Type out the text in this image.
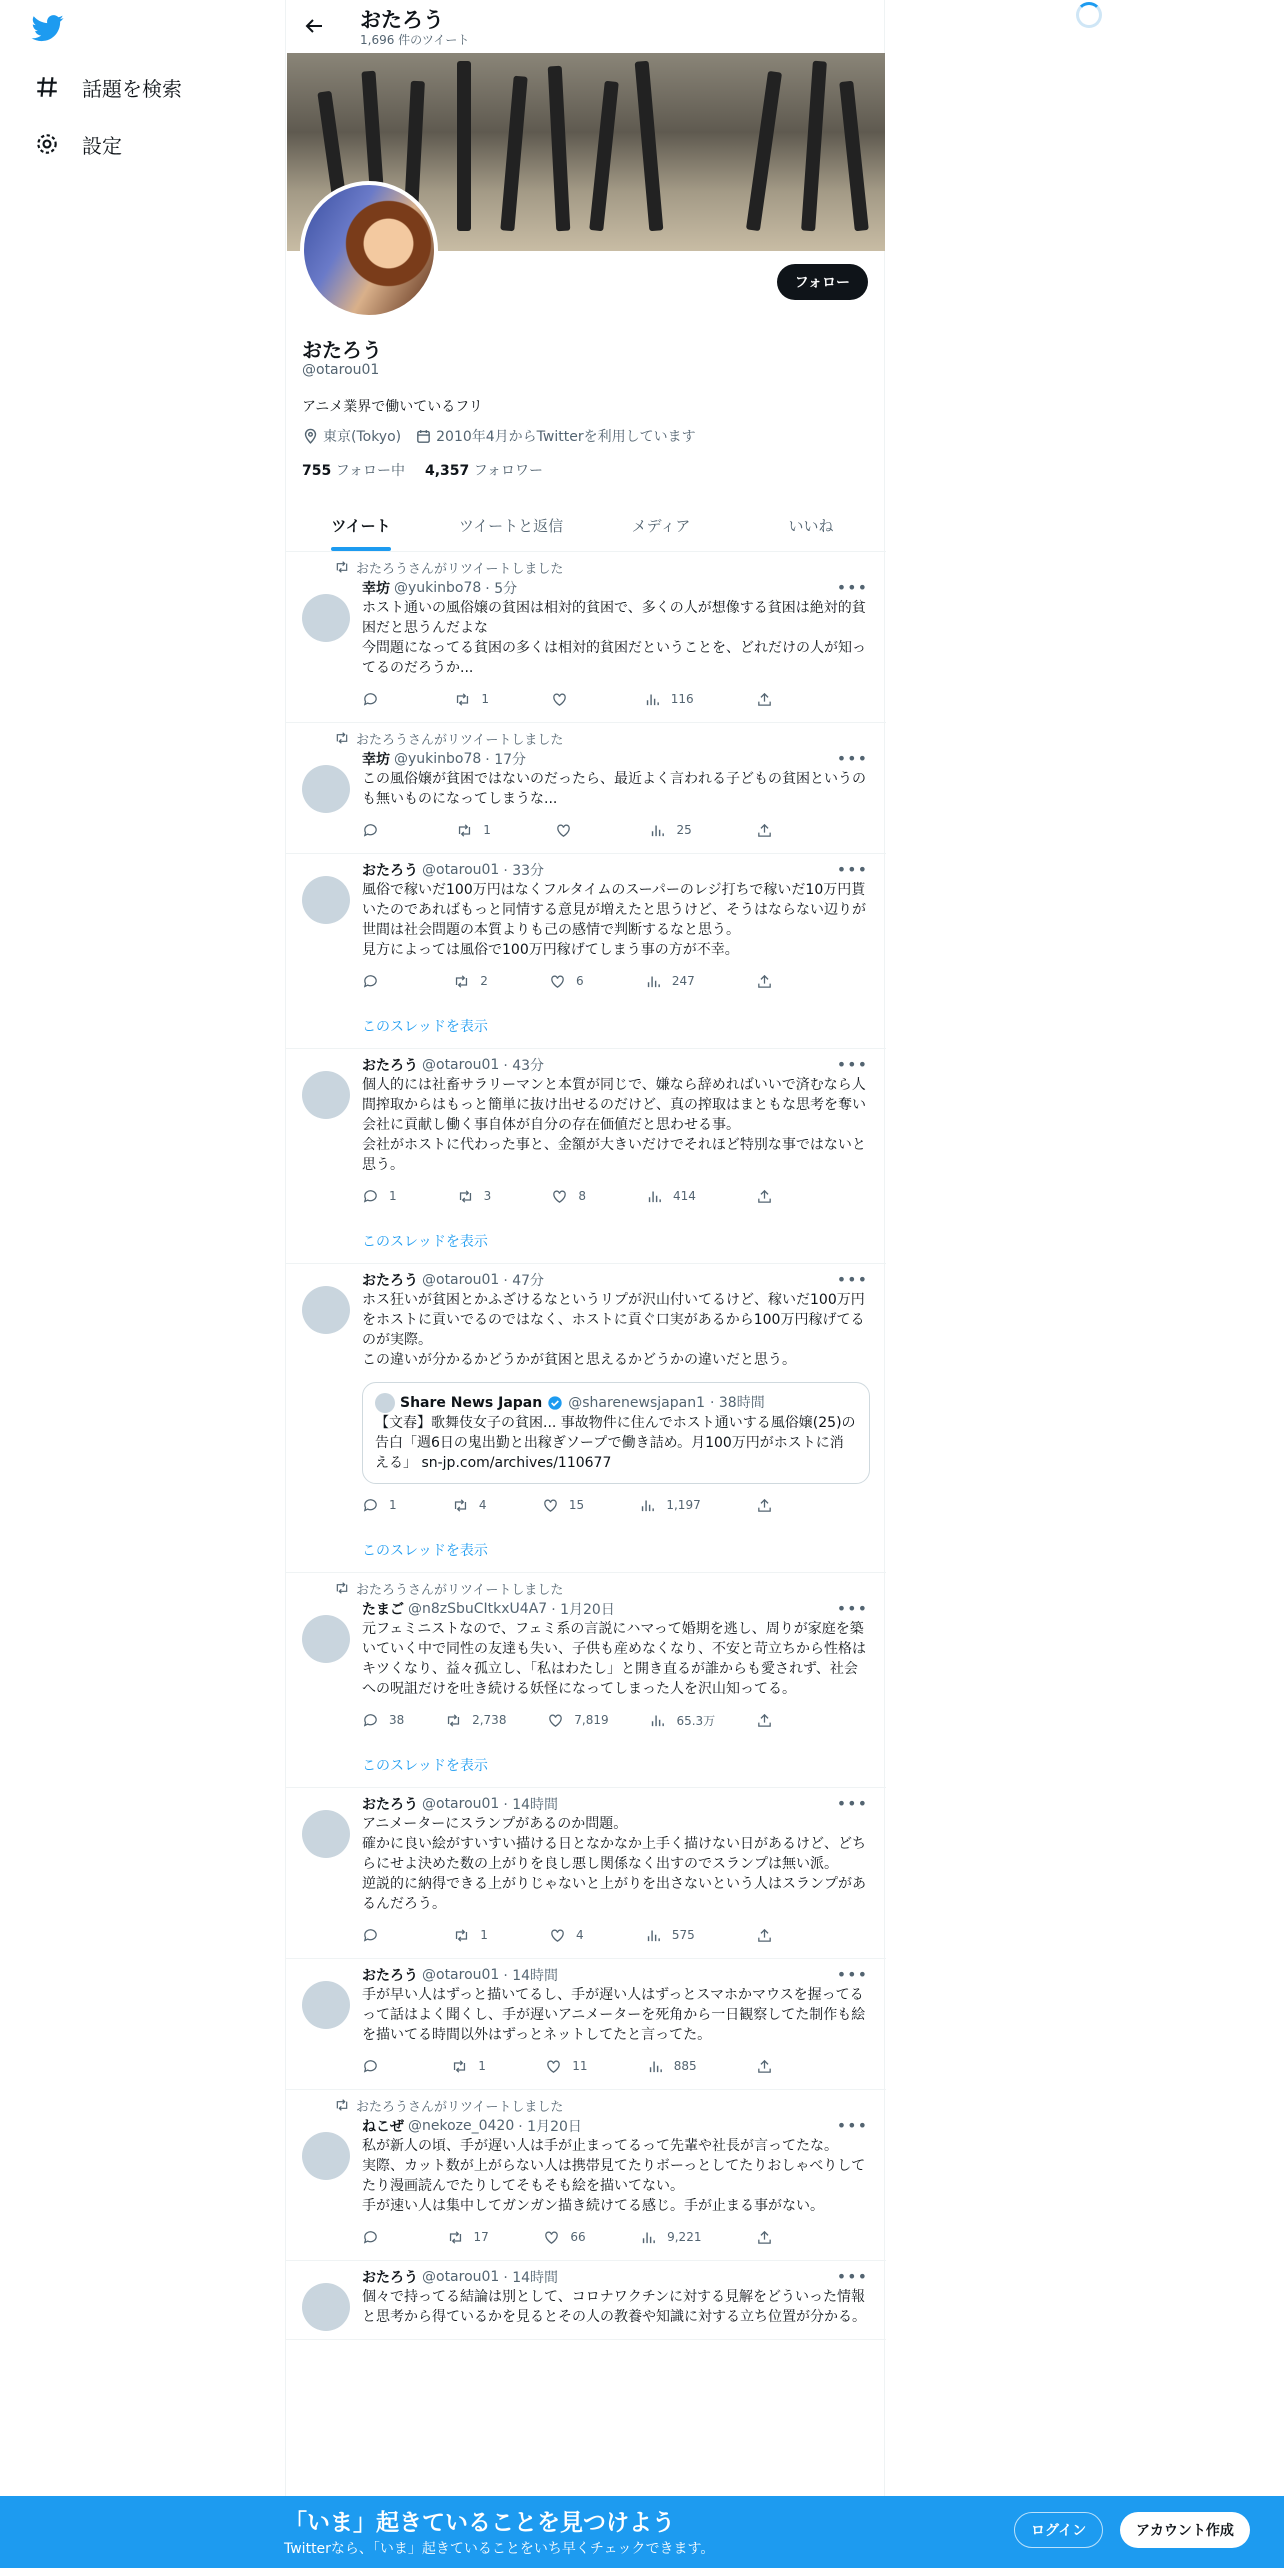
話題を検索
設定
おたろう
1,696 件のツイート
フォロー
おたろう
@otarou01
アニメ業界で働いているフリ
東京(Tokyo)	2010年4月からTwitterを利用しています
755 フォロー中 4,357 フォロワー
ツイート	ツイートと返信	メディア	いいね
おたろうさんがリツイートしました
•••
幸坊 @yukinbo78 · 5分
ホスト通いの風俗嬢の貧困は相対的貧困で、多くの人が想像する貧困は絶対的貧困だと思うんだよな
今問題になってる貧困の多くは相対的貧困だということを、どれだけの人が知ってるのだろうか...
1	116
おたろうさんがリツイートしました
•••
幸坊 @yukinbo78 · 17分
この風俗嬢が貧困ではないのだったら、最近よく言われる子どもの貧困というのも無いものになってしまうな...
1	25
•••
おたろう @otarou01 · 33分
風俗で稼いだ100万円はなくフルタイムのスーパーのレジ打ちで稼いだ10万円貰いたのであればもっと同情する意見が増えたと思うけど、そうはならない辺りが世間は社会問題の本質よりも己の感情で判断するなと思う。
見方によっては風俗で100万円稼げてしまう事の方が不幸。
2	6	247
このスレッドを表示
•••
おたろう @otarou01 · 43分
個人的には社畜サラリーマンと本質が同じで、嫌なら辞めればいいで済むなら人間搾取からはもっと簡単に抜け出せるのだけど、真の搾取はまともな思考を奪い会社に貢献し働く事自体が自分の存在価値だと思わせる事。
会社がホストに代わった事と、金額が大きいだけでそれほど特別な事ではないと思う。
1	3	8	414
このスレッドを表示
•••
おたろう @otarou01 · 47分
ホス狂いが貧困とかふざけるなというリプが沢山付いてるけど、稼いだ100万円をホストに貢いでるのではなく、ホストに貢ぐ口実があるから100万円稼げてるのが実際。
この違いが分かるかどうかが貧困と思えるかどうかの違いだと思う。
Share News Japan @sharenewsjapan1 · 38時間
【文春】歌舞伎女子の貧困... 事故物件に住んでホスト通いする風俗嬢(25)の告白「週6日の鬼出勤と出稼ぎソープで働き詰め。月100万円がホストに消える」 sn-jp.com/archives/110677
1	4	15	1,197
このスレッドを表示
おたろうさんがリツイートしました
•••
たまご @n8zSbuCItkxU4A7 · 1月20日
元フェミニストなので、フェミ系の言説にハマって婚期を逃し、周りが家庭を築いていく中で同性の友達も失い、子供も産めなくなり、不安と苛立ちから性格はキツくなり、益々孤立し、「私はわたし」と開き直るが誰からも愛されず、社会への呪詛だけを吐き続ける妖怪になってしまった人を沢山知ってる。
38	2,738	7,819	65.3万
このスレッドを表示
•••
おたろう @otarou01 · 14時間
アニメーターにスランプがあるのか問題。
確かに良い絵がすいすい描ける日となかなか上手く描けない日があるけど、どちらにせよ決めた数の上がりを良し悪し関係なく出すのでスランプは無い派。
逆説的に納得できる上がりじゃないと上がりを出さないという人はスランプがあるんだろう。
1	4	575
•••
おたろう @otarou01 · 14時間
手が早い人はずっと描いてるし、手が遅い人はずっとスマホかマウスを握ってるって話はよく聞くし、手が遅いアニメーターを死角から一日観察してた制作も絵を描いてる時間以外はずっとネットしてたと言ってた。
1	11	885
おたろうさんがリツイートしました
•••
ねこぜ @nekoze_0420 · 1月20日
私が新人の頃、手が遅い人は手が止まってるって先輩や社長が言ってたな。
実際、カット数が上がらない人は携帯見てたりボーっとしてたりおしゃべりしてたり漫画読んでたりしてそもそも絵を描いてない。
手が速い人は集中してガンガン描き続けてる感じ。手が止まる事がない。
17	66	9,221
•••
おたろう @otarou01 · 14時間
個々で持ってる結論は別として、コロナワクチンに対する見解をどういった情報と思考から得ているかを見るとその人の教養や知識に対する立ち位置が分かる。
「いま」起きていることを見つけよう
Twitterなら、「いま」起きていることをいち早くチェックできます。
ログイン	アカウント作成
